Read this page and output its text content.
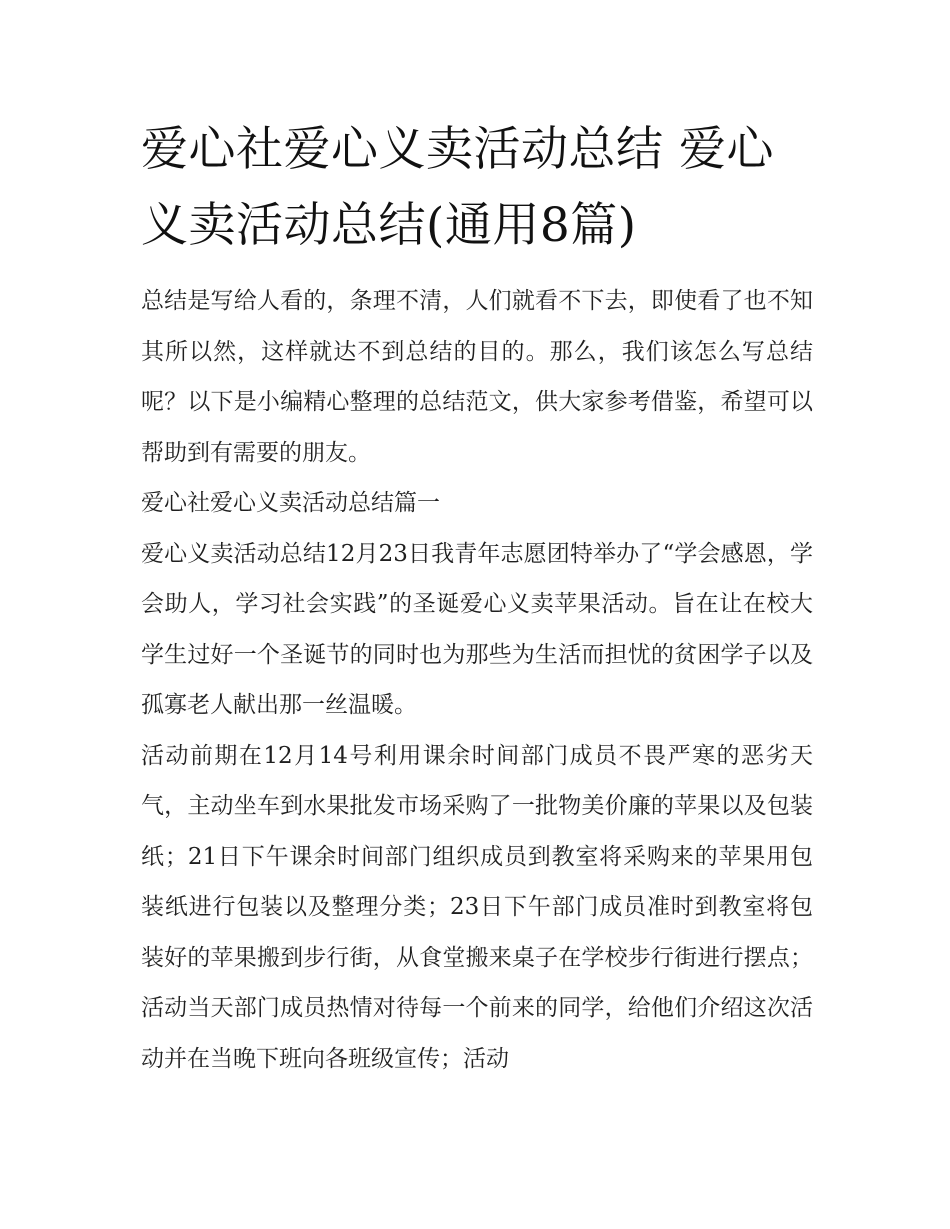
爱心社爱心义卖活动总结 爱心义卖活动总结(通用8篇)

总结是写给人看的，条理不清，人们就看不下去，即使看了也不知其所以然，这样就达不到总结的目的。那么，我们该怎么写总结呢？以下是小编精心整理的总结范文，供大家参考借鉴，希望可以帮助到有需要的朋友。

爱心社爱心义卖活动总结篇一

爱心义卖活动总结12月23日我青年志愿团特举办了“学会感恩，学会助人，学习社会实践”的圣诞爱心义卖苹果活动。旨在让在校大学生过好一个圣诞节的同时也为那些为生活而担忧的贫困学子以及孤寡老人献出那一丝温暖。

活动前期在12月14号利用课余时间部门成员不畏严寒的恶劣天气，主动坐车到水果批发市场采购了一批物美价廉的苹果以及包装纸；21日下午课余时间部门组织成员到教室将采购来的苹果用包装纸进行包装以及整理分类；23日下午部门成员准时到教室将包装好的苹果搬到步行街，从食堂搬来桌子在学校步行街进行摆点；活动当天部门成员热情对待每一个前来的同学，给他们介绍这次活动并在当晚下班向各班级宣传；活动
